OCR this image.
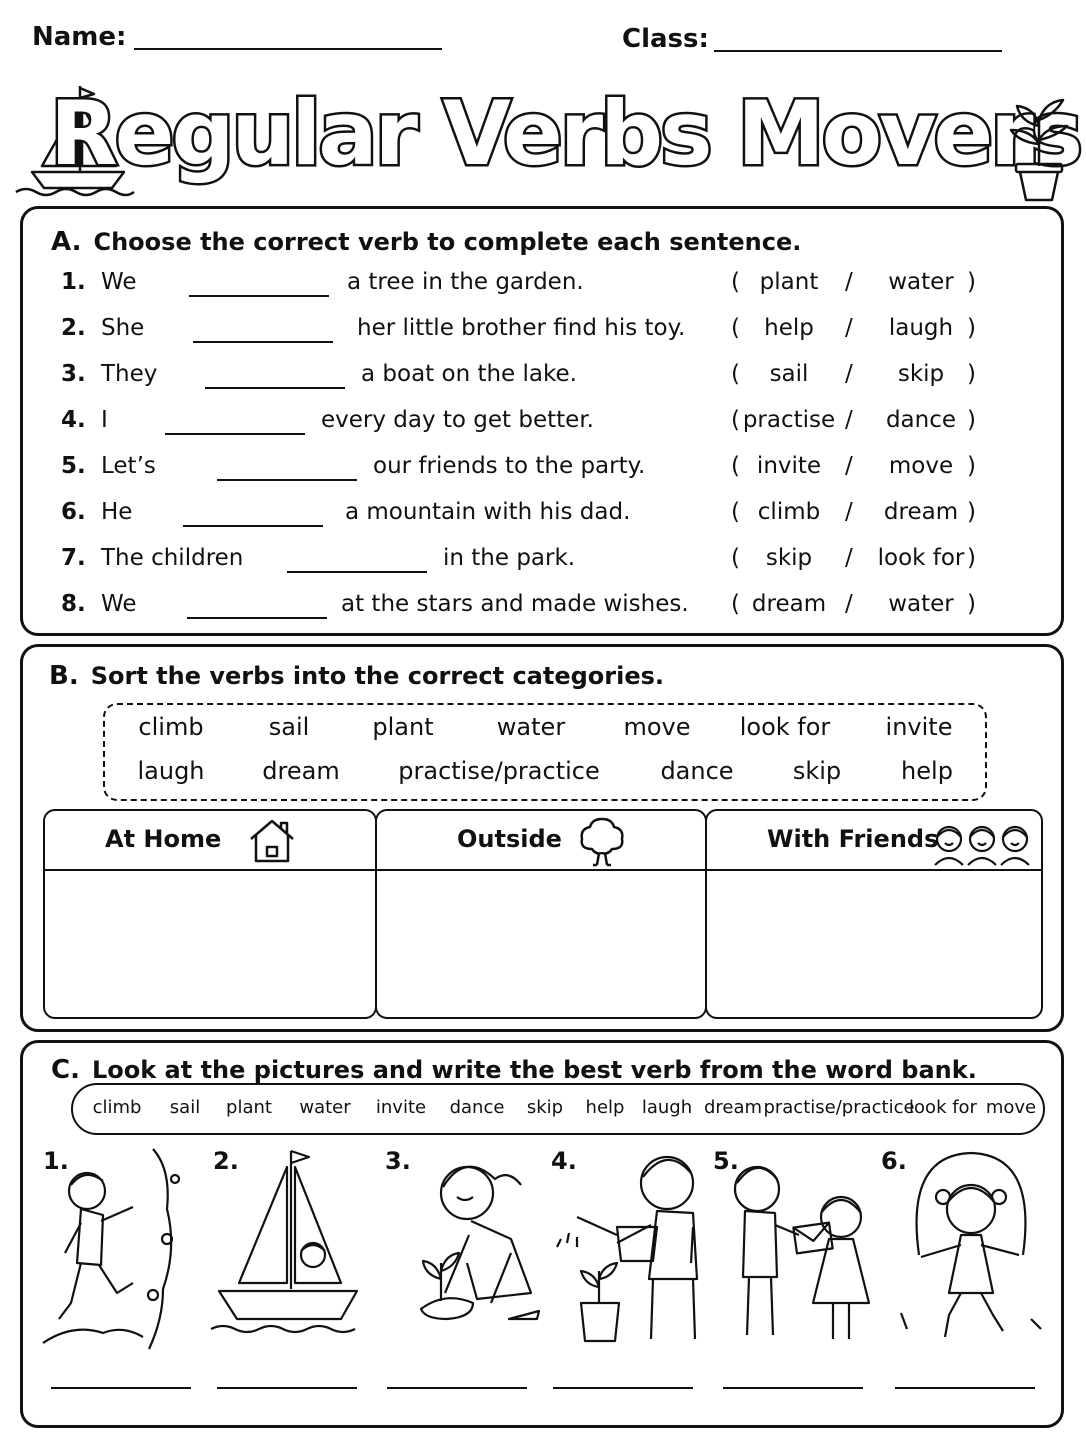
Name:	Class:
Regular Verbs Movers
A. Choose the correct verb to complete each sentence.
1. We	a tree in the garden.	( plant / water )
2. She	her little brother find his toy. ( help / laugh )
3. They	a boat on the lake.	( sail / skip )
4. I	every day to get better.	( practise / dance )
5. Let’s	our friends to the party.	( invite / move )
6. He	a mountain with his dad.	( climb / dream )
7. The children	in the park.	( skip / look for )
8. We	at the stars and made wishes. ( dream / water )
B. Sort the verbs into the correct categories.
climb	sail	plant	water move look for invite
laugh dream practise/practice	dance skip help
At Home	Outside	With Friends
C. Look at the pictures and write the best verb from the word bank.
climb sail plant water invite dance skip help laugh dream practise/practice
look for move
1.	2.	3.	4.	5.	6.
